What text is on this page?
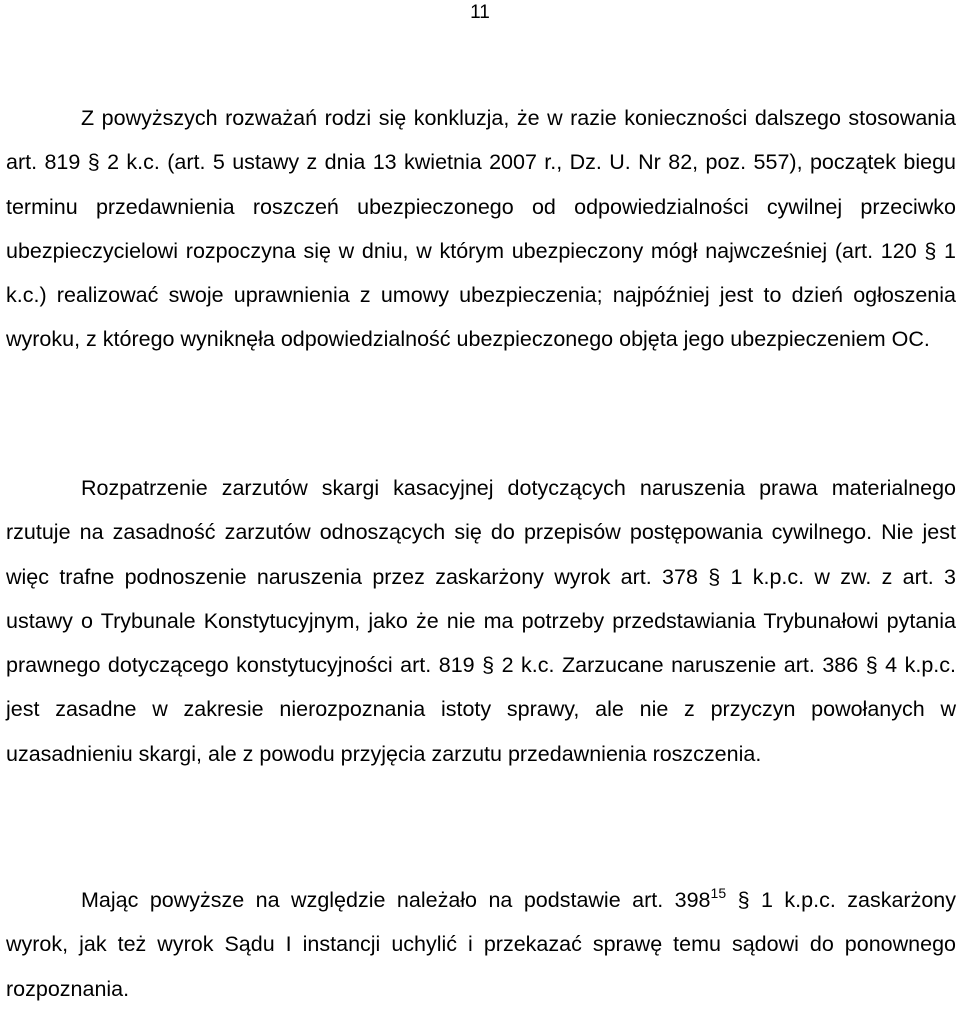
11

Z powyższych rozważań rodzi się konkluzja, że w razie konieczności dalszego stosowania art. 819 § 2 k.c. (art. 5 ustawy z dnia 13 kwietnia 2007 r., Dz. U. Nr 82, poz. 557), początek biegu terminu przedawnienia roszczeń ubezpieczonego od odpowiedzialności cywilnej przeciwko ubezpieczycielowi rozpoczyna się w dniu, w którym ubezpieczony mógł najwcześniej (art. 120 § 1 k.c.) realizować swoje uprawnienia z umowy ubezpieczenia; najpóźniej jest to dzień ogłoszenia wyroku, z którego wyniknęła odpowiedzialność ubezpieczonego objęta jego ubezpieczeniem OC.

Rozpatrzenie zarzutów skargi kasacyjnej dotyczących naruszenia prawa materialnego rzutuje na zasadność zarzutów odnoszących się do przepisów postępowania cywilnego. Nie jest więc trafne podnoszenie naruszenia przez zaskarżony wyrok art. 378 § 1 k.p.c. w zw. z art. 3 ustawy o Trybunale Konstytucyjnym, jako że nie ma potrzeby przedstawiania Trybunałowi pytania prawnego dotyczącego konstytucyjności art. 819 § 2 k.c. Zarzucane naruszenie art. 386 § 4 k.p.c. jest zasadne w zakresie nierozpoznania istoty sprawy, ale nie z przyczyn powołanych w uzasadnieniu skargi, ale z powodu przyjęcia zarzutu przedawnienia roszczenia.

Mając powyższe na względzie należało na podstawie art. $398^{15}$ § 1 k.p.c. zaskarżony wyrok, jak też wyrok Sądu I instancji uchylić i przekazać sprawę temu sądowi do ponownego rozpoznania.
